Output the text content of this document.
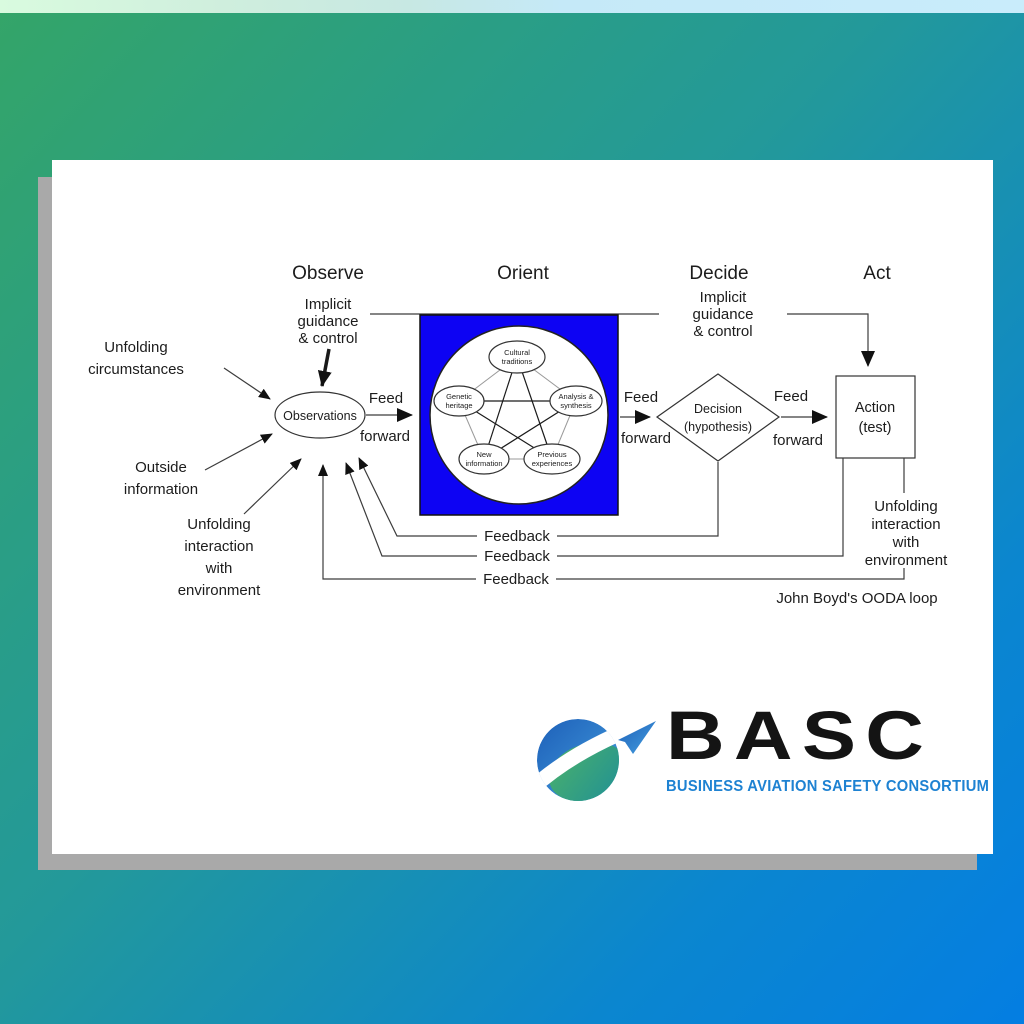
Observe	Orient	Decide	Act
Implicit
guidance
& control
Implicit
guidance
& control
Unfolding
circumstances
Outside
information
Unfolding
interaction
with
environment
Observations
Feed
forward
Cultural
traditions
Genetic
heritage
Analysis &
synthesis
New
information
Previous
experiences
Feed
forward
Decision
(hypothesis)
Feed
forward
Action
(test)
Feedback
Feedback
Feedback
Unfolding
interaction
with
environment
John Boyd's OODA loop
BASC
BUSINESS AVIATION SAFETY CONSORTIUM
